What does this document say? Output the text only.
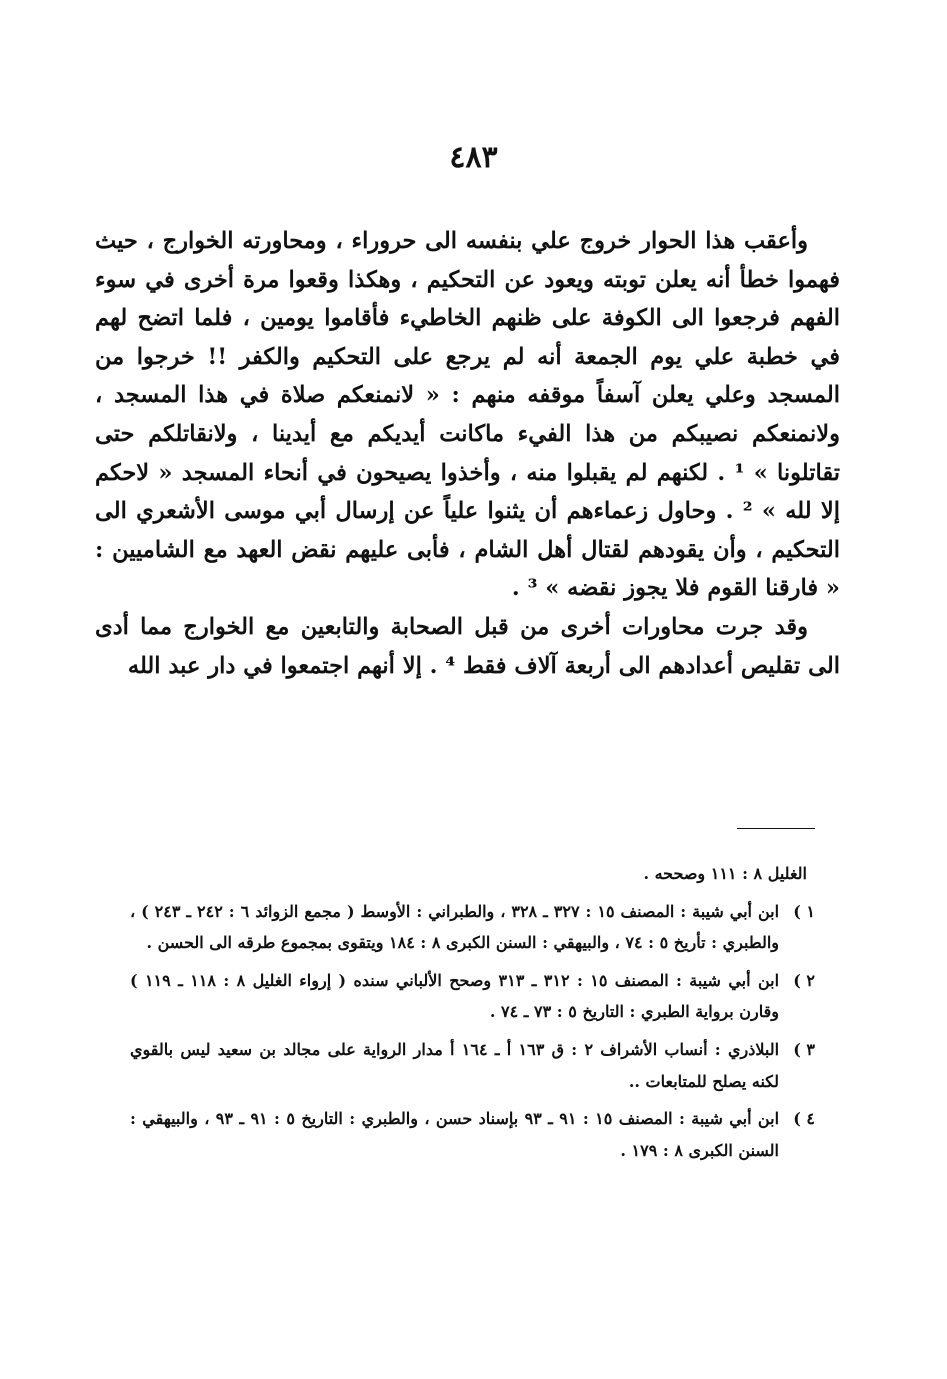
٤٨٣

وأعقب هذا الحوار خروج علي بنفسه الى حروراء ، ومحاورته الخوارج ، حيث فهموا خطأ أنه يعلن توبته ويعود عن التحكيم ، وهكذا وقعوا مرة أخرى في سوء الفهم فرجعوا الى الكوفة على ظنهم الخاطيء فأقاموا يومين ، فلما اتضح لهم في خطبة علي يوم الجمعة أنه لم يرجع على التحكيم والكفر !! خرجوا من المسجد وعلي يعلن آسفاً موقفه منهم : « لانمنعكم صلاة في هذا المسجد ، ولانمنعكم نصيبكم من هذا الفيء ماكانت أيديكم مع أيدينا ، ولانقاتلكم حتى تقاتلونا » ¹ . لكنهم لم يقبلوا منه ، وأخذوا يصيحون في أنحاء المسجد « لاحكم إلا لله » ² . وحاول زعماءهم أن يثنوا علياً عن إرسال أبي موسى الأشعري الى التحكيم ، وأن يقودهم لقتال أهل الشام ، فأبى عليهم نقض العهد مع الشاميين : « فارقنا القوم فلا يجوز نقضه » ³ .

وقد جرت محاورات أخرى من قبل الصحابة والتابعين مع الخوارج مما أدى الى تقليص أعدادهم الى أربعة آلاف فقط ⁴ . إلا أنهم اجتمعوا في دار عبد الله

الغليل ٨ : ١١١ وصححه .

١ )
ابن أبي شيبة : المصنف ١٥ : ٣٢٧ ـ ٣٢٨ ، والطبراني : الأوسط ( مجمع الزوائد ٦ : ٢٤٢ ـ ٢٤٣ ) ، والطبري : تأريخ ٥ : ٧٤ ، والبيهقي : السنن الكبرى ٨ : ١٨٤ ويتقوى بمجموع طرقه الى الحسن .
٢ )
ابن أبي شيبة : المصنف ١٥ : ٣١٢ ـ ٣١٣ وصحح الألباني سنده ( إرواء الغليل ٨ : ١١٨ ـ ١١٩ ) وقارن برواية الطبري : التاريخ ٥ : ٧٣ ـ ٧٤ .
٣ )
البلاذري : أنساب الأشراف ٢ : ق ١٦٣ أ ـ ١٦٤ أ مدار الرواية على مجالد بن سعيد ليس بالقوي لكنه يصلح للمتابعات ..
٤ )
ابن أبي شيبة : المصنف ١٥ : ٩١ ـ ٩٣ بإسناد حسن ، والطبري : التاريخ ٥ : ٩١ ـ ٩٣ ، والبيهقي : السنن الكبرى ٨ : ١٧٩ .
